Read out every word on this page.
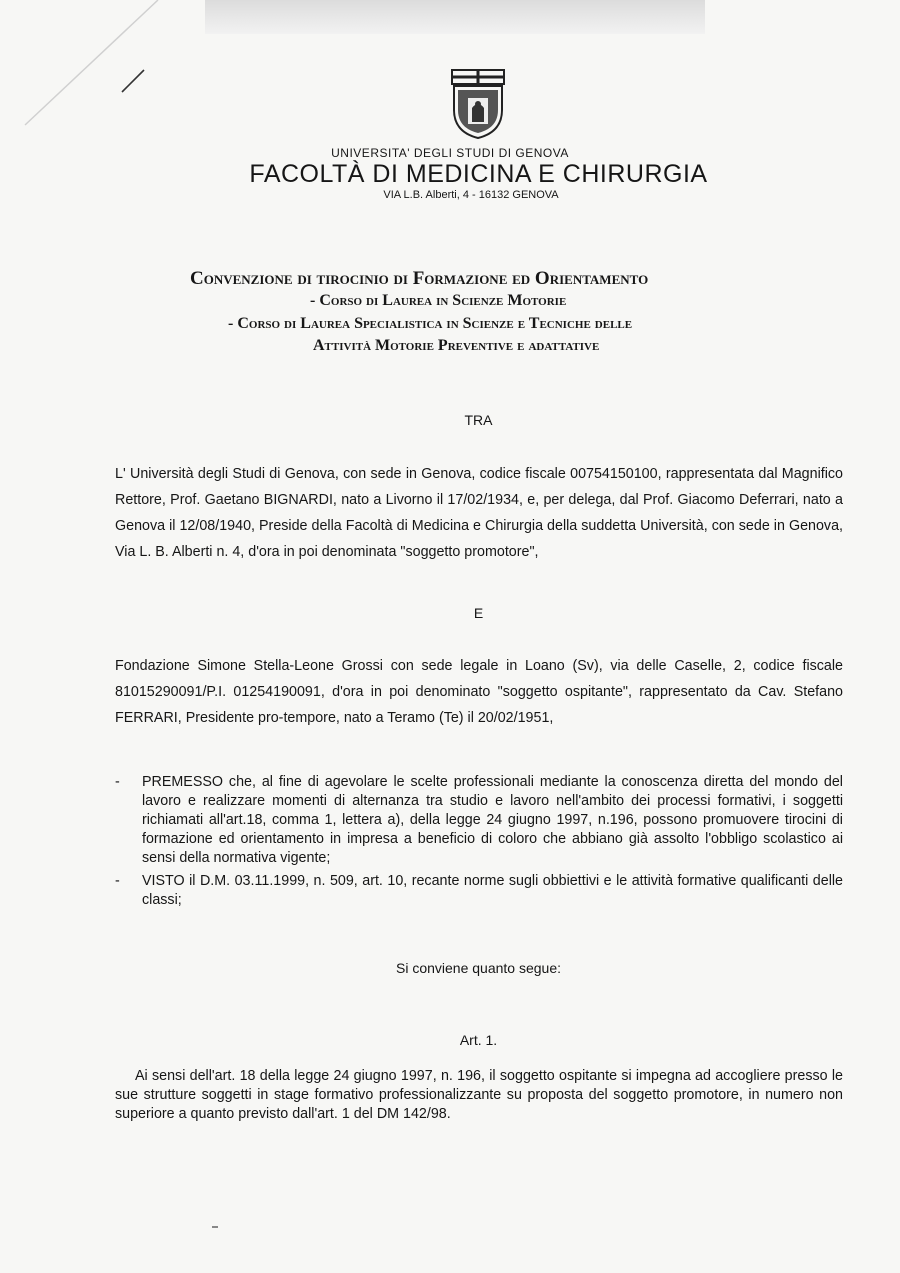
UNIVERSITA' DEGLI STUDI DI GENOVA
FACOLTÀ DI MEDICINA E CHIRURGIA
VIA L.B. Alberti, 4 - 16132 GENOVA
Convenzione di tirocinio di Formazione ed Orientamento
- Corso di Laurea in Scienze Motorie
- Corso di Laurea Specialistica in Scienze e Tecniche delle
Attività Motorie Preventive e adattative
TRA
L' Università degli Studi di Genova, con sede in Genova, codice fiscale 00754150100, rappresentata dal Magnifico Rettore, Prof. Gaetano BIGNARDI, nato a Livorno il 17/02/1934, e, per delega, dal Prof. Giacomo Deferrari, nato a Genova il 12/08/1940, Preside della Facoltà di Medicina e Chirurgia della suddetta Università, con sede in Genova, Via L. B. Alberti n. 4, d'ora in poi denominata "soggetto promotore",
E
Fondazione Simone Stella-Leone Grossi con sede legale in Loano (Sv), via delle Caselle, 2, codice fiscale 81015290091/P.I. 01254190091, d'ora in poi denominato "soggetto ospitante", rappresentato da Cav. Stefano FERRARI, Presidente pro-tempore, nato a Teramo (Te) il 20/02/1951,
- PREMESSO che, al fine di agevolare le scelte professionali mediante la conoscenza diretta del mondo del lavoro e realizzare momenti di alternanza tra studio e lavoro nell'ambito dei processi formativi, i soggetti richiamati all'art.18, comma 1, lettera a), della legge 24 giugno 1997, n.196, possono promuovere tirocini di formazione ed orientamento in impresa a beneficio di coloro che abbiano già assolto l'obbligo scolastico ai sensi della normativa vigente;
- VISTO il D.M. 03.11.1999, n. 509, art. 10, recante norme sugli obbiettivi e le attività formative qualificanti delle classi;
Si conviene quanto segue:
Art. 1.
Ai sensi dell'art. 18 della legge 24 giugno 1997, n. 196, il soggetto ospitante si impegna ad accogliere presso le sue strutture soggetti in stage formativo professionalizzante su proposta del soggetto promotore, in numero non superiore a quanto previsto dall'art. 1 del DM 142/98.
